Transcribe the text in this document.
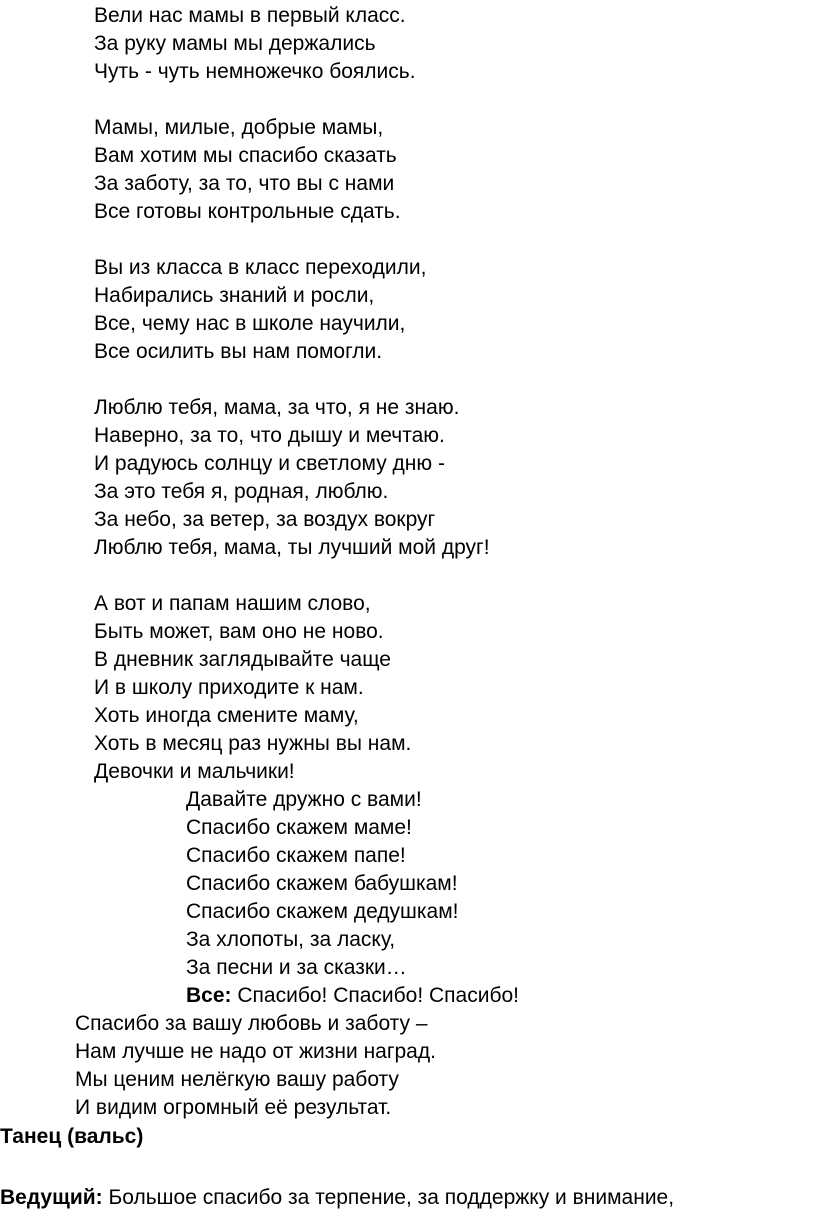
Вели нас мамы в первый класс.
За руку мамы мы держались
Чуть - чуть немножечко боялись.
Мамы, милые, добрые мамы,
Вам хотим мы спасибо сказать
За заботу, за то, что вы с нами
Все готовы контрольные сдать.
Вы из класса в класс переходили,
Набирались знаний и росли,
Все, чему нас в школе научили,
Все осилить вы нам помогли.
Люблю тебя, мама, за что, я не знаю.
Наверно, за то, что дышу и мечтаю.
И радуюсь солнцу и светлому дню -
За это тебя я, родная, люблю.
За небо, за ветер, за воздух вокруг
Люблю тебя, мама, ты лучший мой друг!
А вот и папам нашим слово,
Быть может, вам оно не ново.
В дневник заглядывайте чаще
И в школу приходите к нам.
Хоть иногда смените маму,
Хоть в месяц раз нужны вы нам.
Девочки и мальчики!
Давайте дружно с вами!
Спасибо скажем маме!
Спасибо скажем папе!
Спасибо скажем бабушкам!
Спасибо скажем дедушкам!
За хлопоты, за ласку,
За песни и за сказки…
Все: Спасибо! Спасибо! Спасибо!
Спасибо за вашу любовь и заботу –
Нам лучше не надо от жизни наград.
Мы ценим нелёгкую вашу работу
И видим огромный её результат.
Танец (вальс)
Ведущий: Большое спасибо за терпение, за поддержку и внимание,
